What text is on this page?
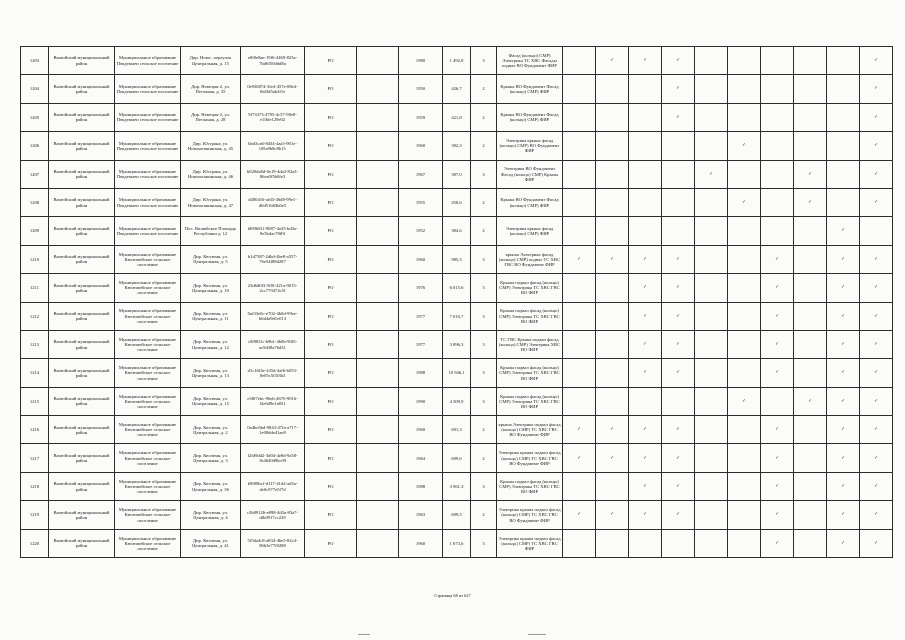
1203	Вилюйский муниципальный район	Муниципальное образование Пекдешаеи сельское поселение	Дир. Нова-, переулок Центральная, д. 15	e8f0e8ae-19f6-4469-825a-7bd6f50ddd8a	РО		1980	1 492,8	3	Фасад (кольцо) СМР) Электрика ТС ХВС Фасады подвал ВО Фундамент ФИР		✓	✓	✓						✓
1204	Вилюйский муниципальный район	Муниципальное образование Пекдешаеи сельское поселение	Дир. Немецая-2, ул. Песчаная, д. 35	0e936874-3fe4-457e-88e4-f6d3d5ab3f1e	РО		1950	426,7	2	Крыша ВО Фундамент Фасад (кольцо) СМР) ФИР				✓						✓
1205	Вилюйский муниципальный район	Муниципальное образование Пекдешаеи сельское поселение	Дир. Немецая-2, ул. Песчаная, д. 28	9f73373-4795-4c57-98e8-e1fbfe129e02	РО		1959	421,8	2	Крыша ВО Фундамент Фасад (кольцо) СМР) ФИР				✓						✓
1206	Вилюйский муниципальный район	Муниципальное образование Пекдешаеи сельское поселение	Дир. Юстрана, ул. Новохопшинская, д. 45	bbd3ca6-8d34-4aa5-901e-0f5a9b8c8b15	РО		1960	392,3	2	Электрика крыша фасад (кольцо) СМР) ВО Фундамент ФИР						✓				✓
1207	Вилюйский муниципальный район	Муниципальное образование Пекдешаеи сельское поселение	Дир. Юстрана, ул. Новохопшинская, д. 46	b020da8d-0e19-4da3-82a3-86ea0f5b0fe3	РО		1967	387,0	3	Электрика ВО Фундамент Фасад (кольцо) СМР) Крыша ФИР					✓			✓		✓
1208	Вилюйский муниципальный район	Муниципальное образование Пекдешаеи сельское поселение	Дир. Юстрана, ул. Новохопшинская, д. 47	d480416-afd3-46d8-99e1-d0d51b84b0e5	РО		1955	458,6	2	Крыша ВО Фундамент Фасад (кольцо) СМР) ФИР						✓		✓		✓
1209	Вилюйский муниципальный район	Муниципальное образование Пекдешаеи сельское поселение	Пос. Вилюйское Площадь Республики д. 12	fd99b81f-9087-4a35-bd3a-9e5b4ac78f0f	РО		1952	384,6	2	Электрика крыша фасад (кольцо) СМР) ФИР									✓	
1210	Вилюйский муниципальный район	Муниципальное образование Кюсюмейское сельское поселение	Дир. Кюсюмя, ул. Центральная, д. 5	b1d7387-2dbd-4be8-a557-76e54f88d287	РО		1960	985,3	3	крыша Электрика фасад (кольцо) СМР) подвал ТС ХВС ГВС ВО Фундамент ФИР	✓	✓	✓	✓			✓		✓	✓
1211	Вилюйский муниципальный район	Муниципальное образование Кюсюмейское сельское поселение	Дир. Кюсюмя, ул. Центральная, д. 10	23d6d0f3-5f0f-421a-9015-2cc779474c5f	РО		1976	6 015,6	3	Крыша подвал фасад (кольцо) СМР) Электрика ТС ХВС ГВС ВО ФИР			✓	✓			✓		✓	✓
1212	Вилюйский муниципальный район	Муниципальное образование Кюсюмейское сельское поселение	Дир. Кюсюмя, ул. Центральная, д. 11	0af33e0c-e702-4b0d-99ee-b6d4a9d1e013	РО		1977	7 016,7	3	Крыша подвал фасад (кольцо) СМР) Электрика ТС ХВС ГВС ВО ФИР			✓	✓			✓		✓	✓
1213	Вилюйский муниципальный район	Муниципальное образование Кюсюмейское сельское поселение	Дир. Кюсюмя, ул. Центральная, д. 12	c0f98f1c-b9b1-4b0b-90f5-ac9d38a76d31	РО		1977	3 896,3	3	ТС ГВС Крыша подвал фасад (кольцо) СМР) Электрика ХВС ВО ФИР			✓	✓			✓		✓	✓
1214	Вилюйский муниципальный район	Муниципальное образование Кюсюмейское сельское поселение	Дир. Кюсюмя, ул. Центральная, д. 13	d1c16f4e-245d-4af6-b053-0e05c5f3f3b3	РО		1988	10 946,1	3	Крыша подвал фасад (кольцо) СМР) Электрика ТС ХВС ГВС ВО ФИР			✓	✓			✓		✓	✓
1215	Вилюйский муниципальный район	Муниципальное образование Кюсюмейское сельское поселение	Дир. Кюсюмя, ул. Центральная, д. 15	e38f7ebc-96eb-4670-9016-f2e6d9e1a831	РО		1990	4 309,9	3	Крыша подвал фасад (кольцо) СМР) Электрика ТС ХВС ГВС ВО ФИР						✓		✓	✓	✓
1216	Вилюйский муниципальный район	Муниципальное образование Кюсюмейское сельское поселение	Дир. Кюсюмя, ул. Центральная, д. 2	0a4bc6bd-9843-47fa-a717-1e08dde41ae8	РО		1960	691,3	2	крыша Электрика подвал фасад (кольцо) СМР) ТС ХВС ГВС ВО Фундамент ФИР	✓	✓	✓	✓			✓		✓	✓
1217	Вилюйский муниципальный район	Муниципальное образование Кюсюмейское сельское поселение	Дир. Кюсюмя, ул. Центральная, д. 3	f2fd9dd2-3d04-4e8d-9a58-1b4640d9bc09	РО		1964	699,6	2	Электрика крыша подвал фасад (кольцо) СМР) ТС ХВС ГВС ВО Фундамент ФИР	✓	✓	✓	✓			✓		✓	✓
1218	Вилюйский муниципальный район	Муниципальное образование Кюсюмейское сельское поселение	Дир. Кюсюмя, ул. Центральная, д. 36	b9f08bcf-d117-41d2-ad3a-de0c977e5f7d	РО		1988	3 961,3	3	Крыша подвал фасад (кольцо) СМР) Электрика ТС ХВС ГВС ВО ФИР			✓	✓			✓		✓	✓
1219	Вилюйский муниципальный район	Муниципальное образование Кюсюмейское сельское поселение	Дир. Кюсюмя, ул. Центральная, д. 4	c3b89126-e898-4d3a-83a7-dfb0917cc228	РО		1963	699,5	2	Электрика крыша подвал фасад (кольцо) СМР) ТС ХВС ГВС ВО Фундамент ФИР	✓	✓	✓	✓			✓		✓	✓
1220	Вилюйский муниципальный район	Муниципальное образование Кюсюмейское сельское поселение	Дир. Кюсюмя, ул. Центральная, д. 41	5f5da4c8-a834-4be5-82c4-86b3e77f0288	РО		1960	1 673,6	3	Электрика крыша подвал фасад (кольцо) СМР) ТС ХВС ГВС ФИР							✓		✓	✓
Страница 68 из 627
